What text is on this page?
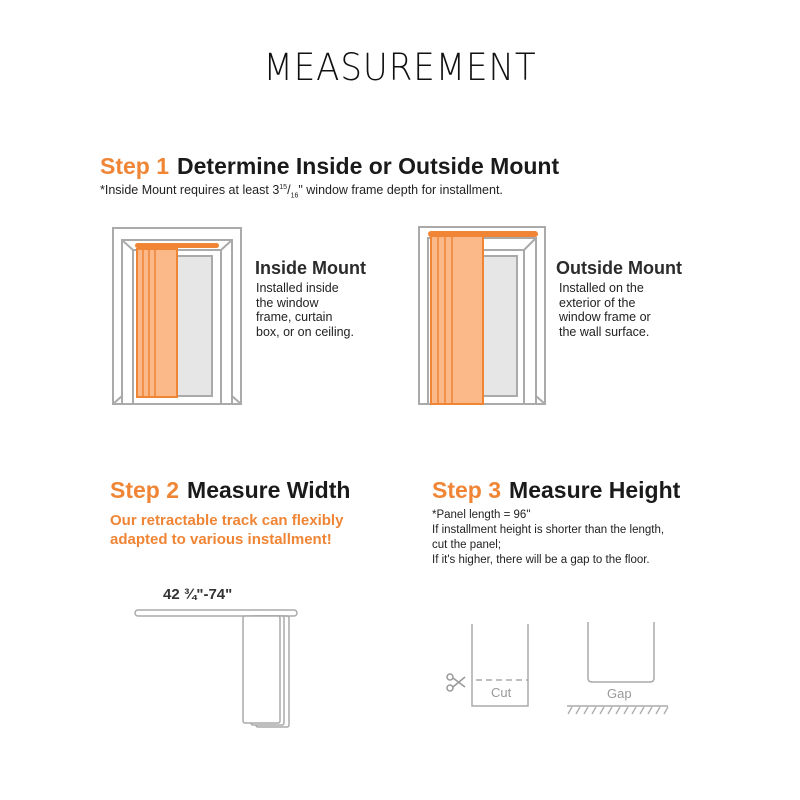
MEASUREMENT
Step 1 Determine Inside or Outside Mount
*Inside Mount requires at least $3^{15}/_{16}$" window frame depth for installment.
Inside Mount
Installed inside
the window
frame, curtain
box, or on ceiling.
Outside Mount
Installed on the
exterior of the
window frame or
the wall surface.
Step 2 Measure Width
Our retractable track can flexibly
adapted to various installment!
42 ¾"-74"
Step 3 Measure Height
*Panel length = 96"
If installment height is shorter than the length,
cut the panel;
If it's higher, there will be a gap to the floor.
Cut	Gap
